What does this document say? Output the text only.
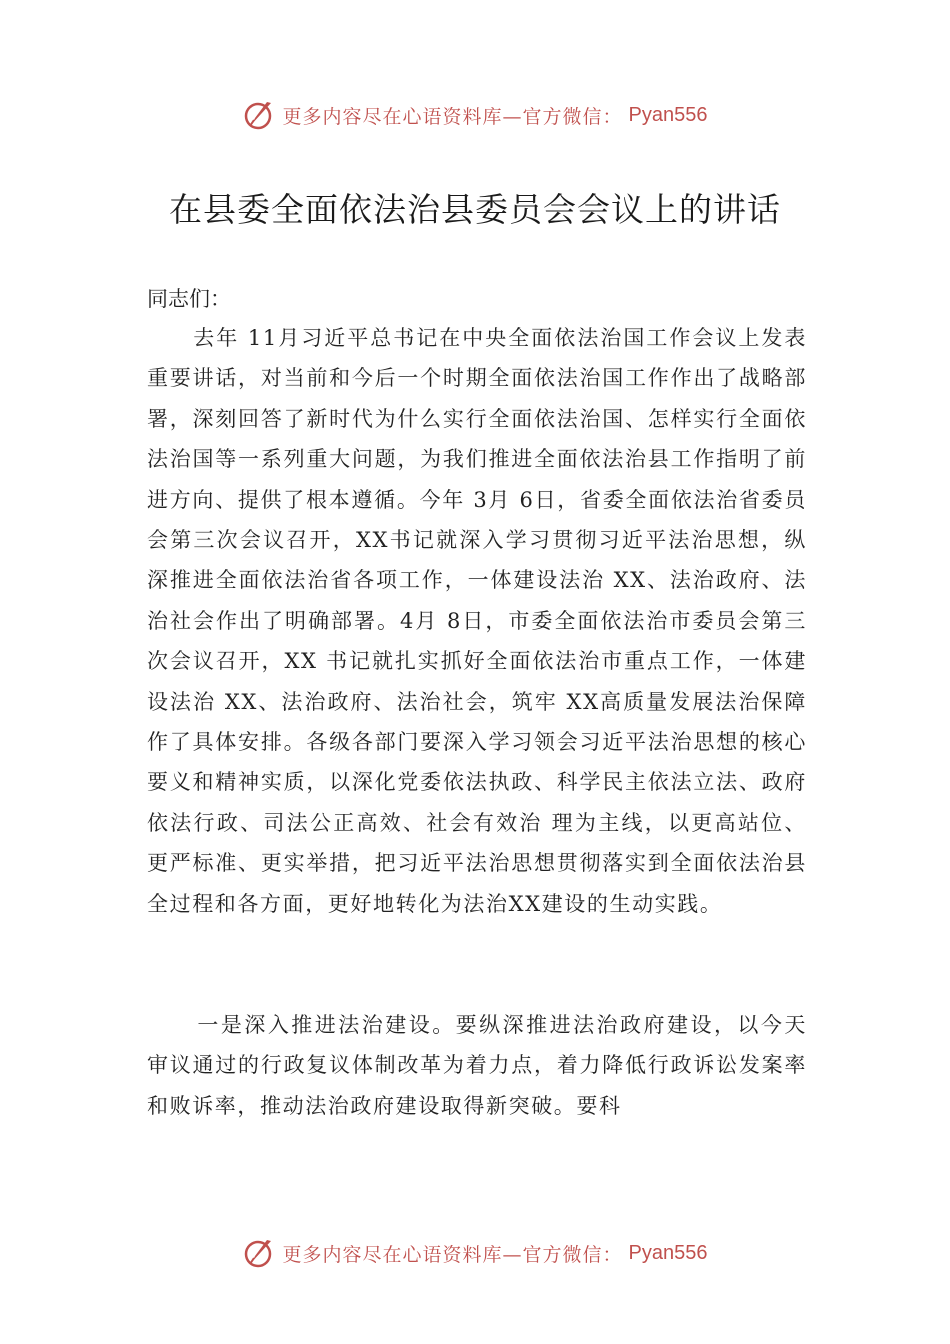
更多内容尽在心语资料库—官方微信： Pyan556
在县委全面依法治县委员会会议上的讲话

同志们：

去年 11月习近平总书记在中央全面依法治国工作会议上发表重要讲话，对当前和今后一个时期全面依法治国工作作出了战略部署，深刻回答了新时代为什么实行全面依法治国、怎样实行全面依法治国等一系列重大问题，为我们推进全面依法治县工作指明了前进方向、提供了根本遵循。今年 3月 6日，省委全面依法治省委员会第三次会议召开，XX书记就深入学习贯彻习近平法治思想，纵深推进全面依法治省各项工作，一体建设法治 XX、法治政府、法治社会作出了明确部署。4月 8日，市委全面依法治市委员会第三次会议召开，XX 书记就扎实抓好全面依法治市重点工作，一体建设法治 XX、法治政府、法治社会，筑牢 XX高质量发展法治保障作了具体安排。各级各部门要深入学习领会习近平法治思想的核心要义和精神实质，以深化党委依法执政、科学民主依法立法、政府依法行政、司法公正高效、社会有效治 理为主线，以更高站位、更严标准、更实举措，把习近平法治思想贯彻落实到全面依法治县全过程和各方面，更好地转化为法治XX建设的生动实践。

一是深入推进法治建设。要纵深推进法治政府建设，以今天审议通过的行政复议体制改革为着力点，着力降低行政诉讼发案率和败诉率，推动法治政府建设取得新突破。要科

更多内容尽在心语资料库—官方微信： Pyan556
